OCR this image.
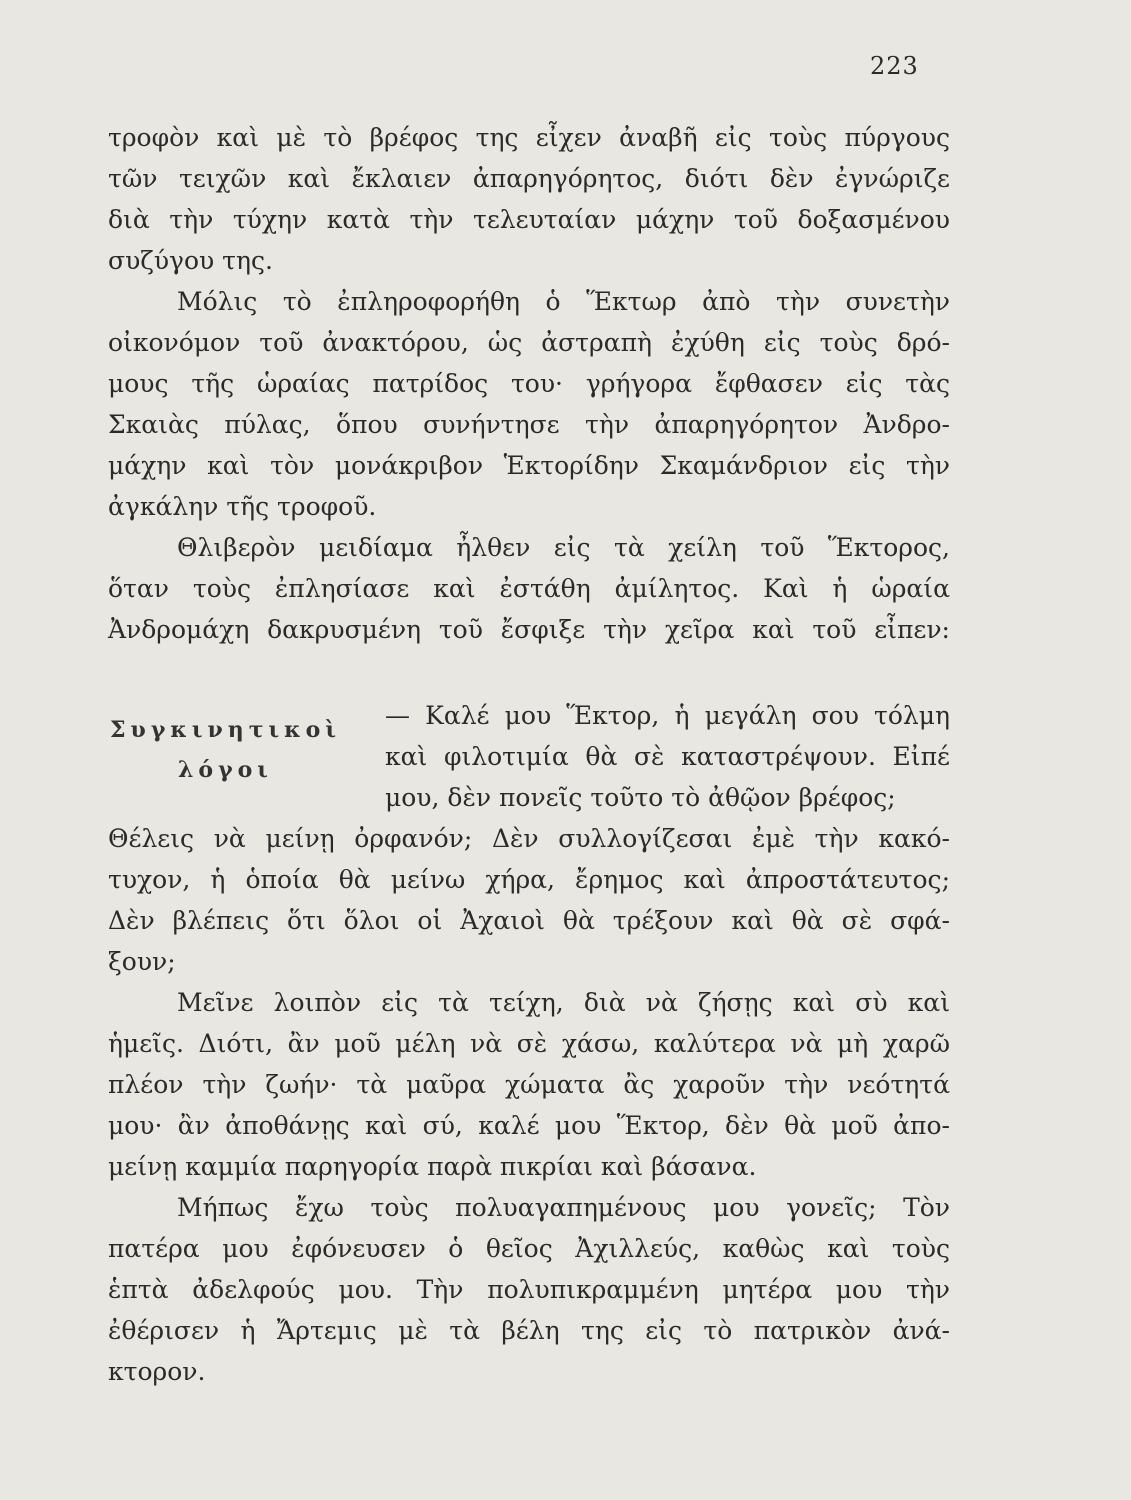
223
τροφὸν καὶ μὲ τὸ βρέφος της εἶχεν ἀναβῆ εἰς τοὺς πύργους
τῶν τειχῶν καὶ ἔκλαιεν ἀπαρηγόρητος, διότι δὲν ἐγνώριζε
διὰ τὴν τύχην κατὰ τὴν τελευταίαν μάχην τοῦ δοξασμένου
συζύγου της.
Μόλις τὸ ἐπληροφορήθη ὁ Ἕκτωρ ἀπὸ τὴν συνετὴν
οἰκονόμον τοῦ ἀνακτόρου, ὡς ἀστραπὴ ἐχύθη εἰς τοὺς δρό-
μους τῆς ὡραίας πατρίδος του· γρήγορα ἔφθασεν εἰς τὰς
Σκαιὰς πύλας, ὅπου συνήντησε τὴν ἀπαρηγόρητον Ἀνδρο-
μάχην καὶ τὸν μονάκριβον Ἑκτορίδην Σκαμάνδριον εἰς τὴν
ἀγκάλην τῆς τροφοῦ.
Θλιβερὸν μειδίαμα ἦλθεν εἰς τὰ χείλη τοῦ Ἕκτορος,
ὅταν τοὺς ἐπλησίασε καὶ ἐστάθη ἀμίλητος. Καὶ ἡ ὡραία
Ἀνδρομάχη δακρυσμένη τοῦ ἔσφιξε τὴν χεῖρα καὶ τοῦ εἶπεν:
Συγκινητικοὶ
λόγοι
— Καλέ μου Ἕκτορ, ἡ μεγάλη σου τόλμη
καὶ φιλοτιμία θὰ σὲ καταστρέψουν. Εἰπέ
μου, δὲν πονεῖς τοῦτο τὸ ἀθῷον βρέφος;
Θέλεις νὰ μείνῃ ὀρφανόν; Δὲν συλλογίζεσαι ἐμὲ τὴν κακό-
τυχον, ἡ ὁποία θὰ μείνω χήρα, ἔρημος καὶ ἀπροστάτευτος;
Δὲν βλέπεις ὅτι ὅλοι οἱ Ἀχαιοὶ θὰ τρέξουν καὶ θὰ σὲ σφά-
ξουν;
Μεῖνε λοιπὸν εἰς τὰ τείχη, διὰ νὰ ζήσῃς καὶ σὺ καὶ
ἡμεῖς. Διότι, ἂν μοῦ μέλη νὰ σὲ χάσω, καλύτερα νὰ μὴ χαρῶ
πλέον τὴν ζωήν· τὰ μαῦρα χώματα ἂς χαροῦν τὴν νεότητά
μου· ἂν ἀποθάνῃς καὶ σύ, καλέ μου Ἕκτορ, δὲν θὰ μοῦ ἀπο-
μείνῃ καμμία παρηγορία παρὰ πικρίαι καὶ βάσανα.
Μήπως ἔχω τοὺς πολυαγαπημένους μου γονεῖς; Τὸν
πατέρα μου ἐφόνευσεν ὁ θεῖος Ἀχιλλεύς, καθὼς καὶ τοὺς
ἑπτὰ ἀδελφούς μου. Τὴν πολυπικραμμένη μητέρα μου τὴν
ἐθέρισεν ἡ Ἄρτεμις μὲ τὰ βέλη της εἰς τὸ πατρικὸν ἀνά-
κτορον.
